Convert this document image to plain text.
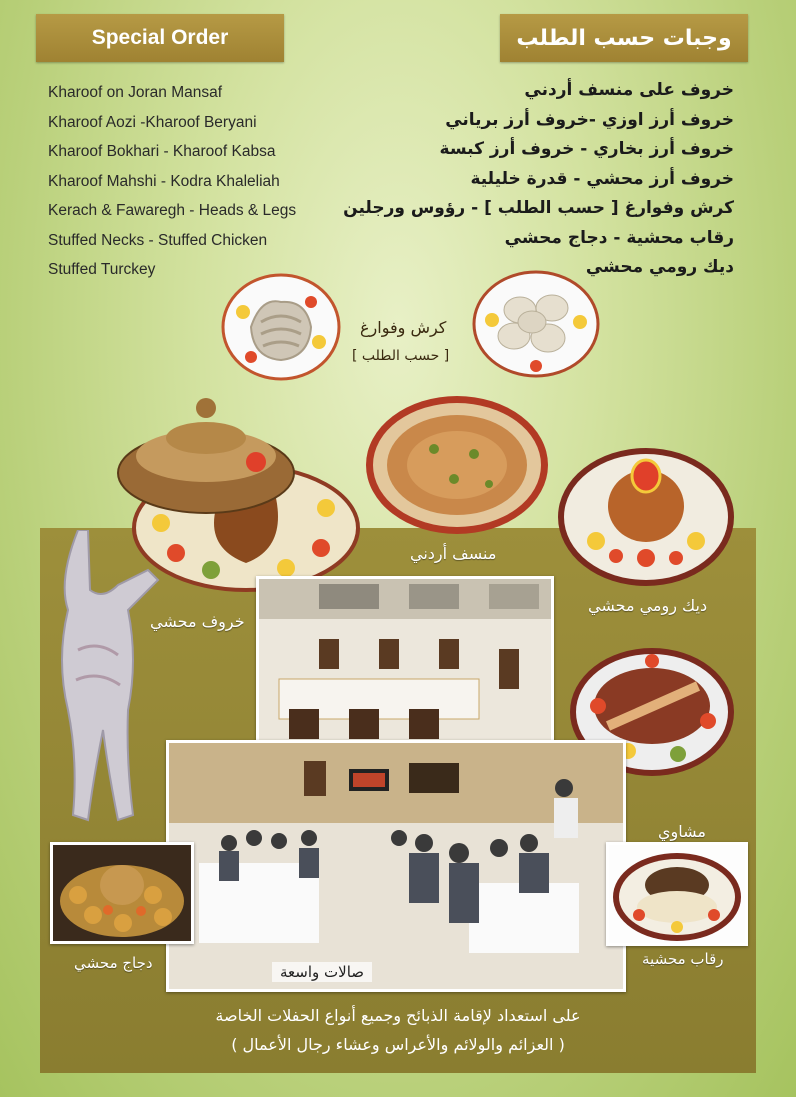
Special Order	وجبات حسب الطلب
Kharoof on Joran Mansaf
Kharoof Aozi -Kharoof Beryani
Kharoof Bokhari - Kharoof Kabsa
Kharoof Mahshi - Kodra Khaleliah
Kerach & Fawaregh - Heads & Legs
Stuffed Necks - Stuffed Chicken
Stuffed Turckey
خروف على منسف أردني
خروف أرز اوزي -خروف أرز برياني
خروف أرز بخاري - خروف أرز كبسة
خروف أرز محشي - قدرة خليلية
كرش وفوارغ [ حسب الطلب ] - رؤوس ورجلين
رقاب محشية - دجاج محشي
ديك رومي محشي
كرش وفوارغ
[ حسب الطلب ]
منسف أردني
ديك رومي محشي
خروف محشي
مشاوي
دجاج محشي	رقاب محشية
صالات واسعة
على استعداد لإقامة الذبائح وجميع أنواع الحفلات الخاصة
( العزائم والولائم والأعراس وعشاء رجال الأعمال )
